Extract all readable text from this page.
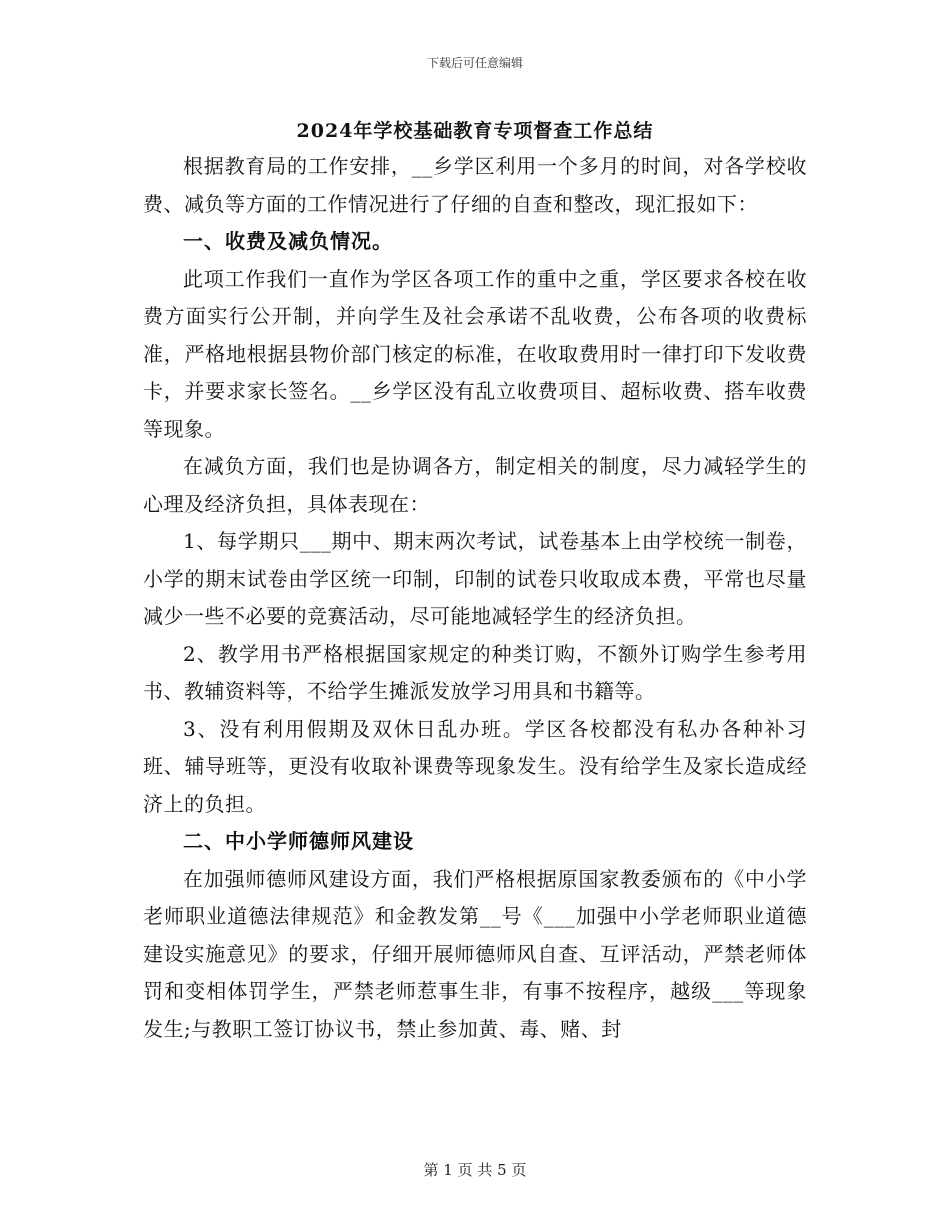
下载后可任意编辑
2024年学校基础教育专项督查工作总结

根据教育局的工作安排，__乡学区利用一个多月的时间，对各学校收费、减负等方面的工作情况进行了仔细的自查和整改，现汇报如下：

一、收费及减负情况。

此项工作我们一直作为学区各项工作的重中之重，学区要求各校在收费方面实行公开制，并向学生及社会承诺不乱收费，公布各项的收费标准，严格地根据县物价部门核定的标准，在收取费用时一律打印下发收费卡，并要求家长签名。__乡学区没有乱立收费项目、超标收费、搭车收费等现象。

在减负方面，我们也是协调各方，制定相关的制度，尽力减轻学生的心理及经济负担，具体表现在：

1、每学期只___期中、期末两次考试，试卷基本上由学校统一制卷，小学的期末试卷由学区统一印制，印制的试卷只收取成本费，平常也尽量减少一些不必要的竞赛活动，尽可能地减轻学生的经济负担。

2、教学用书严格根据国家规定的种类订购，不额外订购学生参考用书、教辅资料等，不给学生摊派发放学习用具和书籍等。

3、没有利用假期及双休日乱办班。学区各校都没有私办各种补习班、辅导班等，更没有收取补课费等现象发生。没有给学生及家长造成经济上的负担。

二、中小学师德师风建设

在加强师德师风建设方面，我们严格根据原国家教委颁布的《中小学老师职业道德法律规范》和金教发第__号《___加强中小学老师职业道德建设实施意见》的要求，仔细开展师德师风自查、互评活动，严禁老师体罚和变相体罚学生，严禁老师惹事生非，有事不按程序，越级___等现象发生;与教职工签订协议书，禁止参加黄、毒、赌、封

第 1 页 共 5 页
